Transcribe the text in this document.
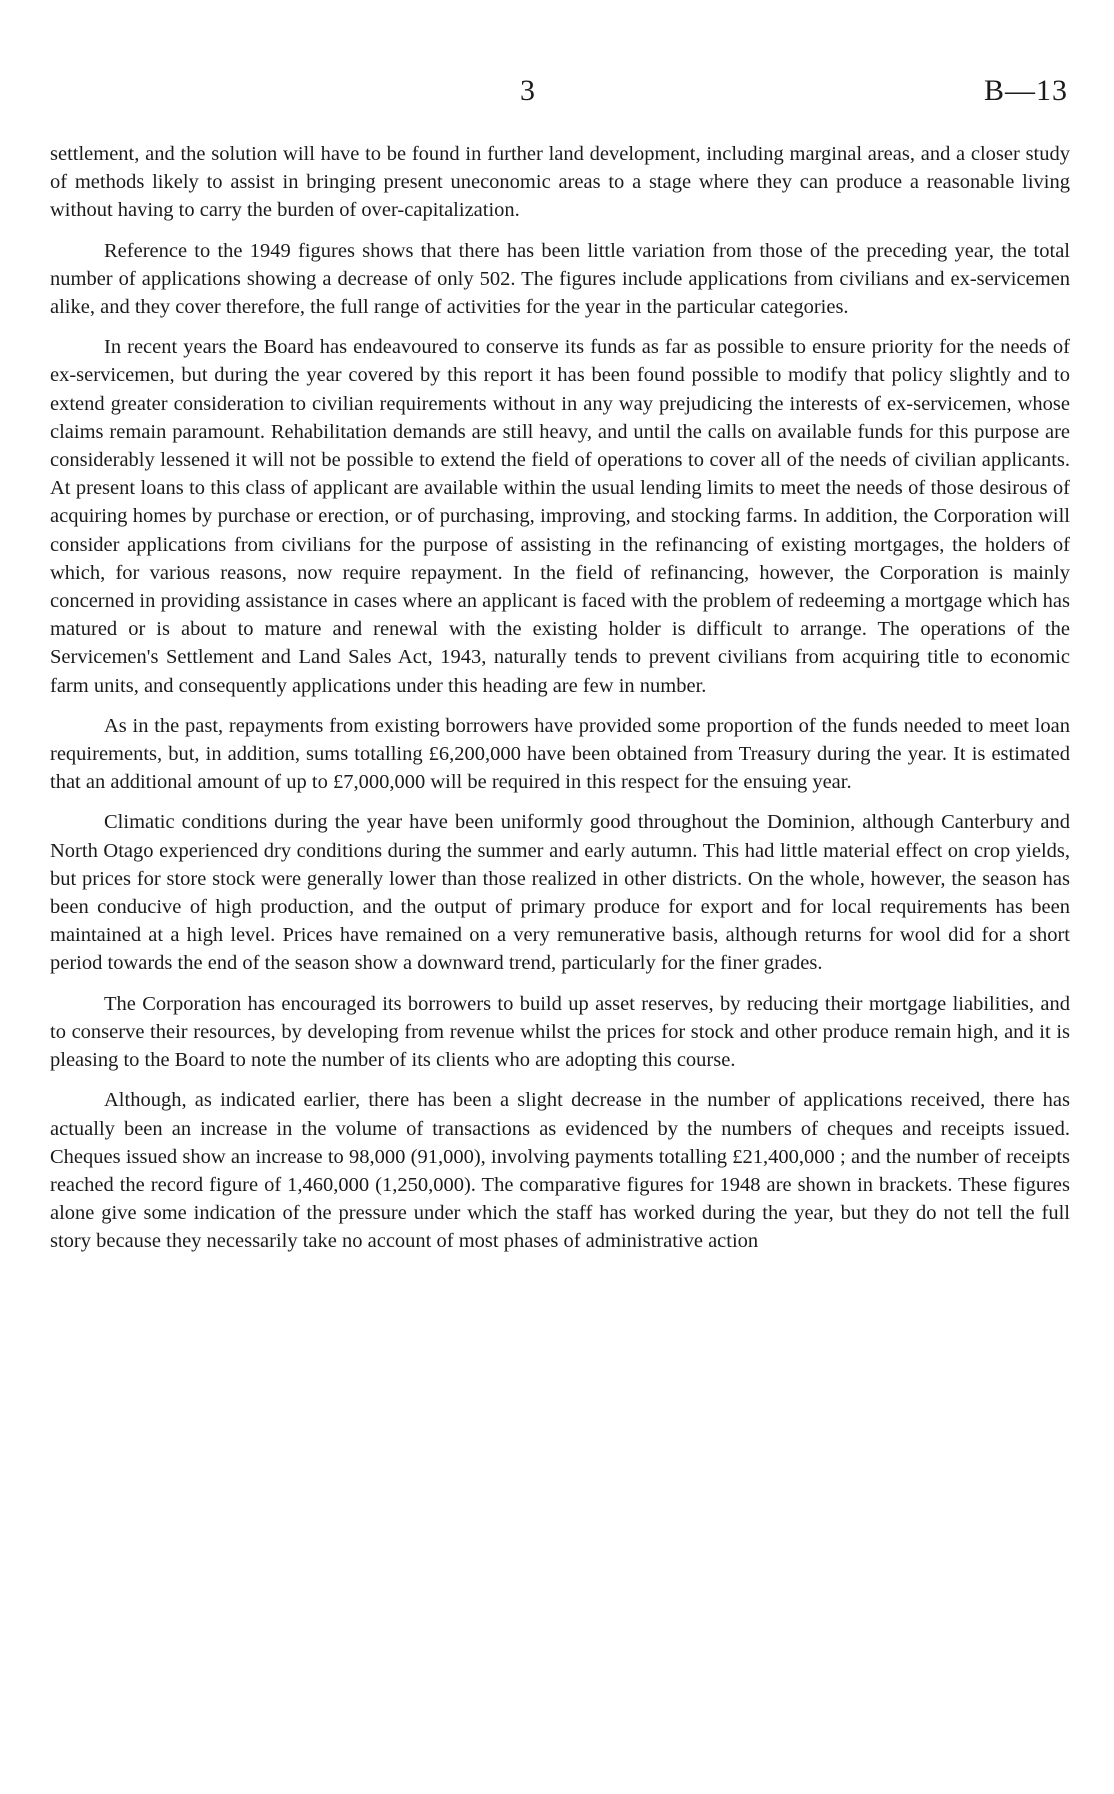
3	B—13

settlement, and the solution will have to be found in further land development, including marginal areas, and a closer study of methods likely to assist in bringing present uneconomic areas to a stage where they can produce a reasonable living without having to carry the burden of over-capitalization.

Reference to the 1949 figures shows that there has been little variation from those of the preceding year, the total number of applications showing a decrease of only 502. The figures include applications from civilians and ex-servicemen alike, and they cover therefore, the full range of activities for the year in the particular categories.

In recent years the Board has endeavoured to conserve its funds as far as possible to ensure priority for the needs of ex-servicemen, but during the year covered by this report it has been found possible to modify that policy slightly and to extend greater consideration to civilian requirements without in any way prejudicing the interests of ex-servicemen, whose claims remain paramount. Rehabilitation demands are still heavy, and until the calls on available funds for this purpose are considerably lessened it will not be possible to extend the field of operations to cover all of the needs of civilian applicants. At present loans to this class of applicant are available within the usual lending limits to meet the needs of those desirous of acquiring homes by purchase or erection, or of purchasing, improving, and stocking farms. In addition, the Corporation will consider applications from civilians for the purpose of assisting in the refinancing of existing mortgages, the holders of which, for various reasons, now require repayment. In the field of refinancing, however, the Corporation is mainly concerned in providing assistance in cases where an applicant is faced with the problem of redeeming a mortgage which has matured or is about to mature and renewal with the existing holder is difficult to arrange. The operations of the Servicemen's Settlement and Land Sales Act, 1943, naturally tends to prevent civilians from acquiring title to economic farm units, and consequently applications under this heading are few in number.

As in the past, repayments from existing borrowers have provided some proportion of the funds needed to meet loan requirements, but, in addition, sums totalling £6,200,000 have been obtained from Treasury during the year. It is estimated that an additional amount of up to £7,000,000 will be required in this respect for the ensuing year.

Climatic conditions during the year have been uniformly good throughout the Dominion, although Canterbury and North Otago experienced dry conditions during the summer and early autumn. This had little material effect on crop yields, but prices for store stock were generally lower than those realized in other districts. On the whole, however, the season has been conducive of high production, and the output of primary produce for export and for local requirements has been maintained at a high level. Prices have remained on a very remunerative basis, although returns for wool did for a short period towards the end of the season show a downward trend, particularly for the finer grades.

The Corporation has encouraged its borrowers to build up asset reserves, by reducing their mortgage liabilities, and to conserve their resources, by developing from revenue whilst the prices for stock and other produce remain high, and it is pleasing to the Board to note the number of its clients who are adopting this course.

Although, as indicated earlier, there has been a slight decrease in the number of applications received, there has actually been an increase in the volume of transactions as evidenced by the numbers of cheques and receipts issued. Cheques issued show an increase to 98,000 (91,000), involving payments totalling £21,400,000 ; and the number of receipts reached the record figure of 1,460,000 (1,250,000). The comparative figures for 1948 are shown in brackets. These figures alone give some indication of the pressure under which the staff has worked during the year, but they do not tell the full story because they necessarily take no account of most phases of administrative action
